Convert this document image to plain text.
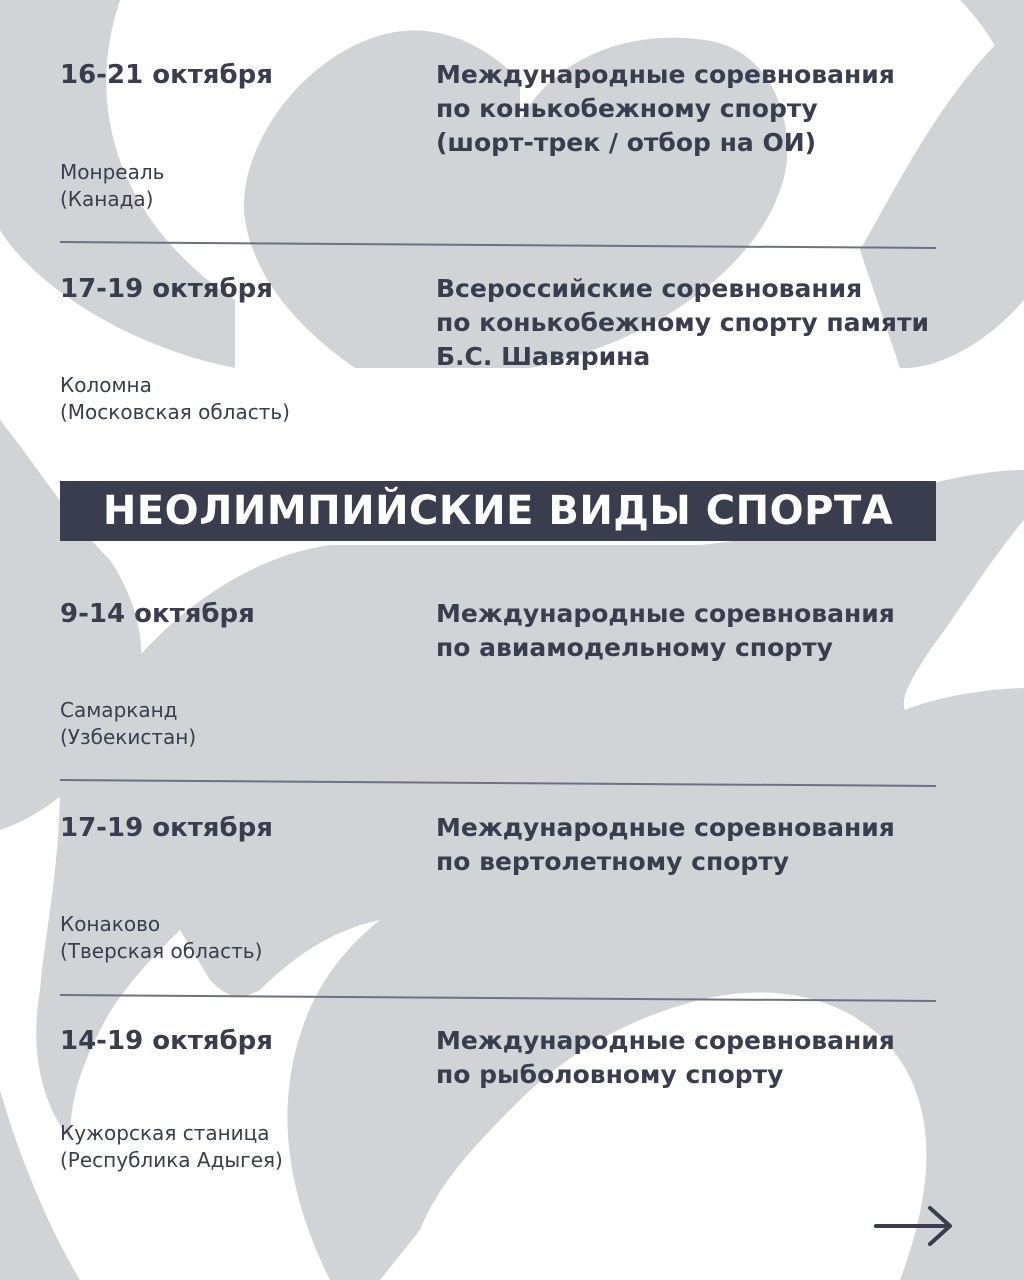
16-21 октября	Международные соревнования
по конькобежному спорту
(шорт-трек / отбор на ОИ)
Монреаль
(Канада)
17-19 октября	Всероссийские соревнования
по конькобежному спорту памяти
Б.С. Шавярина
Коломна
(Московская область)
НЕОЛИМПИЙСКИЕ ВИДЫ СПОРТА
9-14 октября	Международные соревнования
по авиамодельному спорту
Самарканд
(Узбекистан)
17-19 октября	Международные соревнования
по вертолетному спорту
Конаково
(Тверская область)
14-19 октября	Международные соревнования
по рыболовному спорту
Кужорская станица
(Республика Адыгея)
